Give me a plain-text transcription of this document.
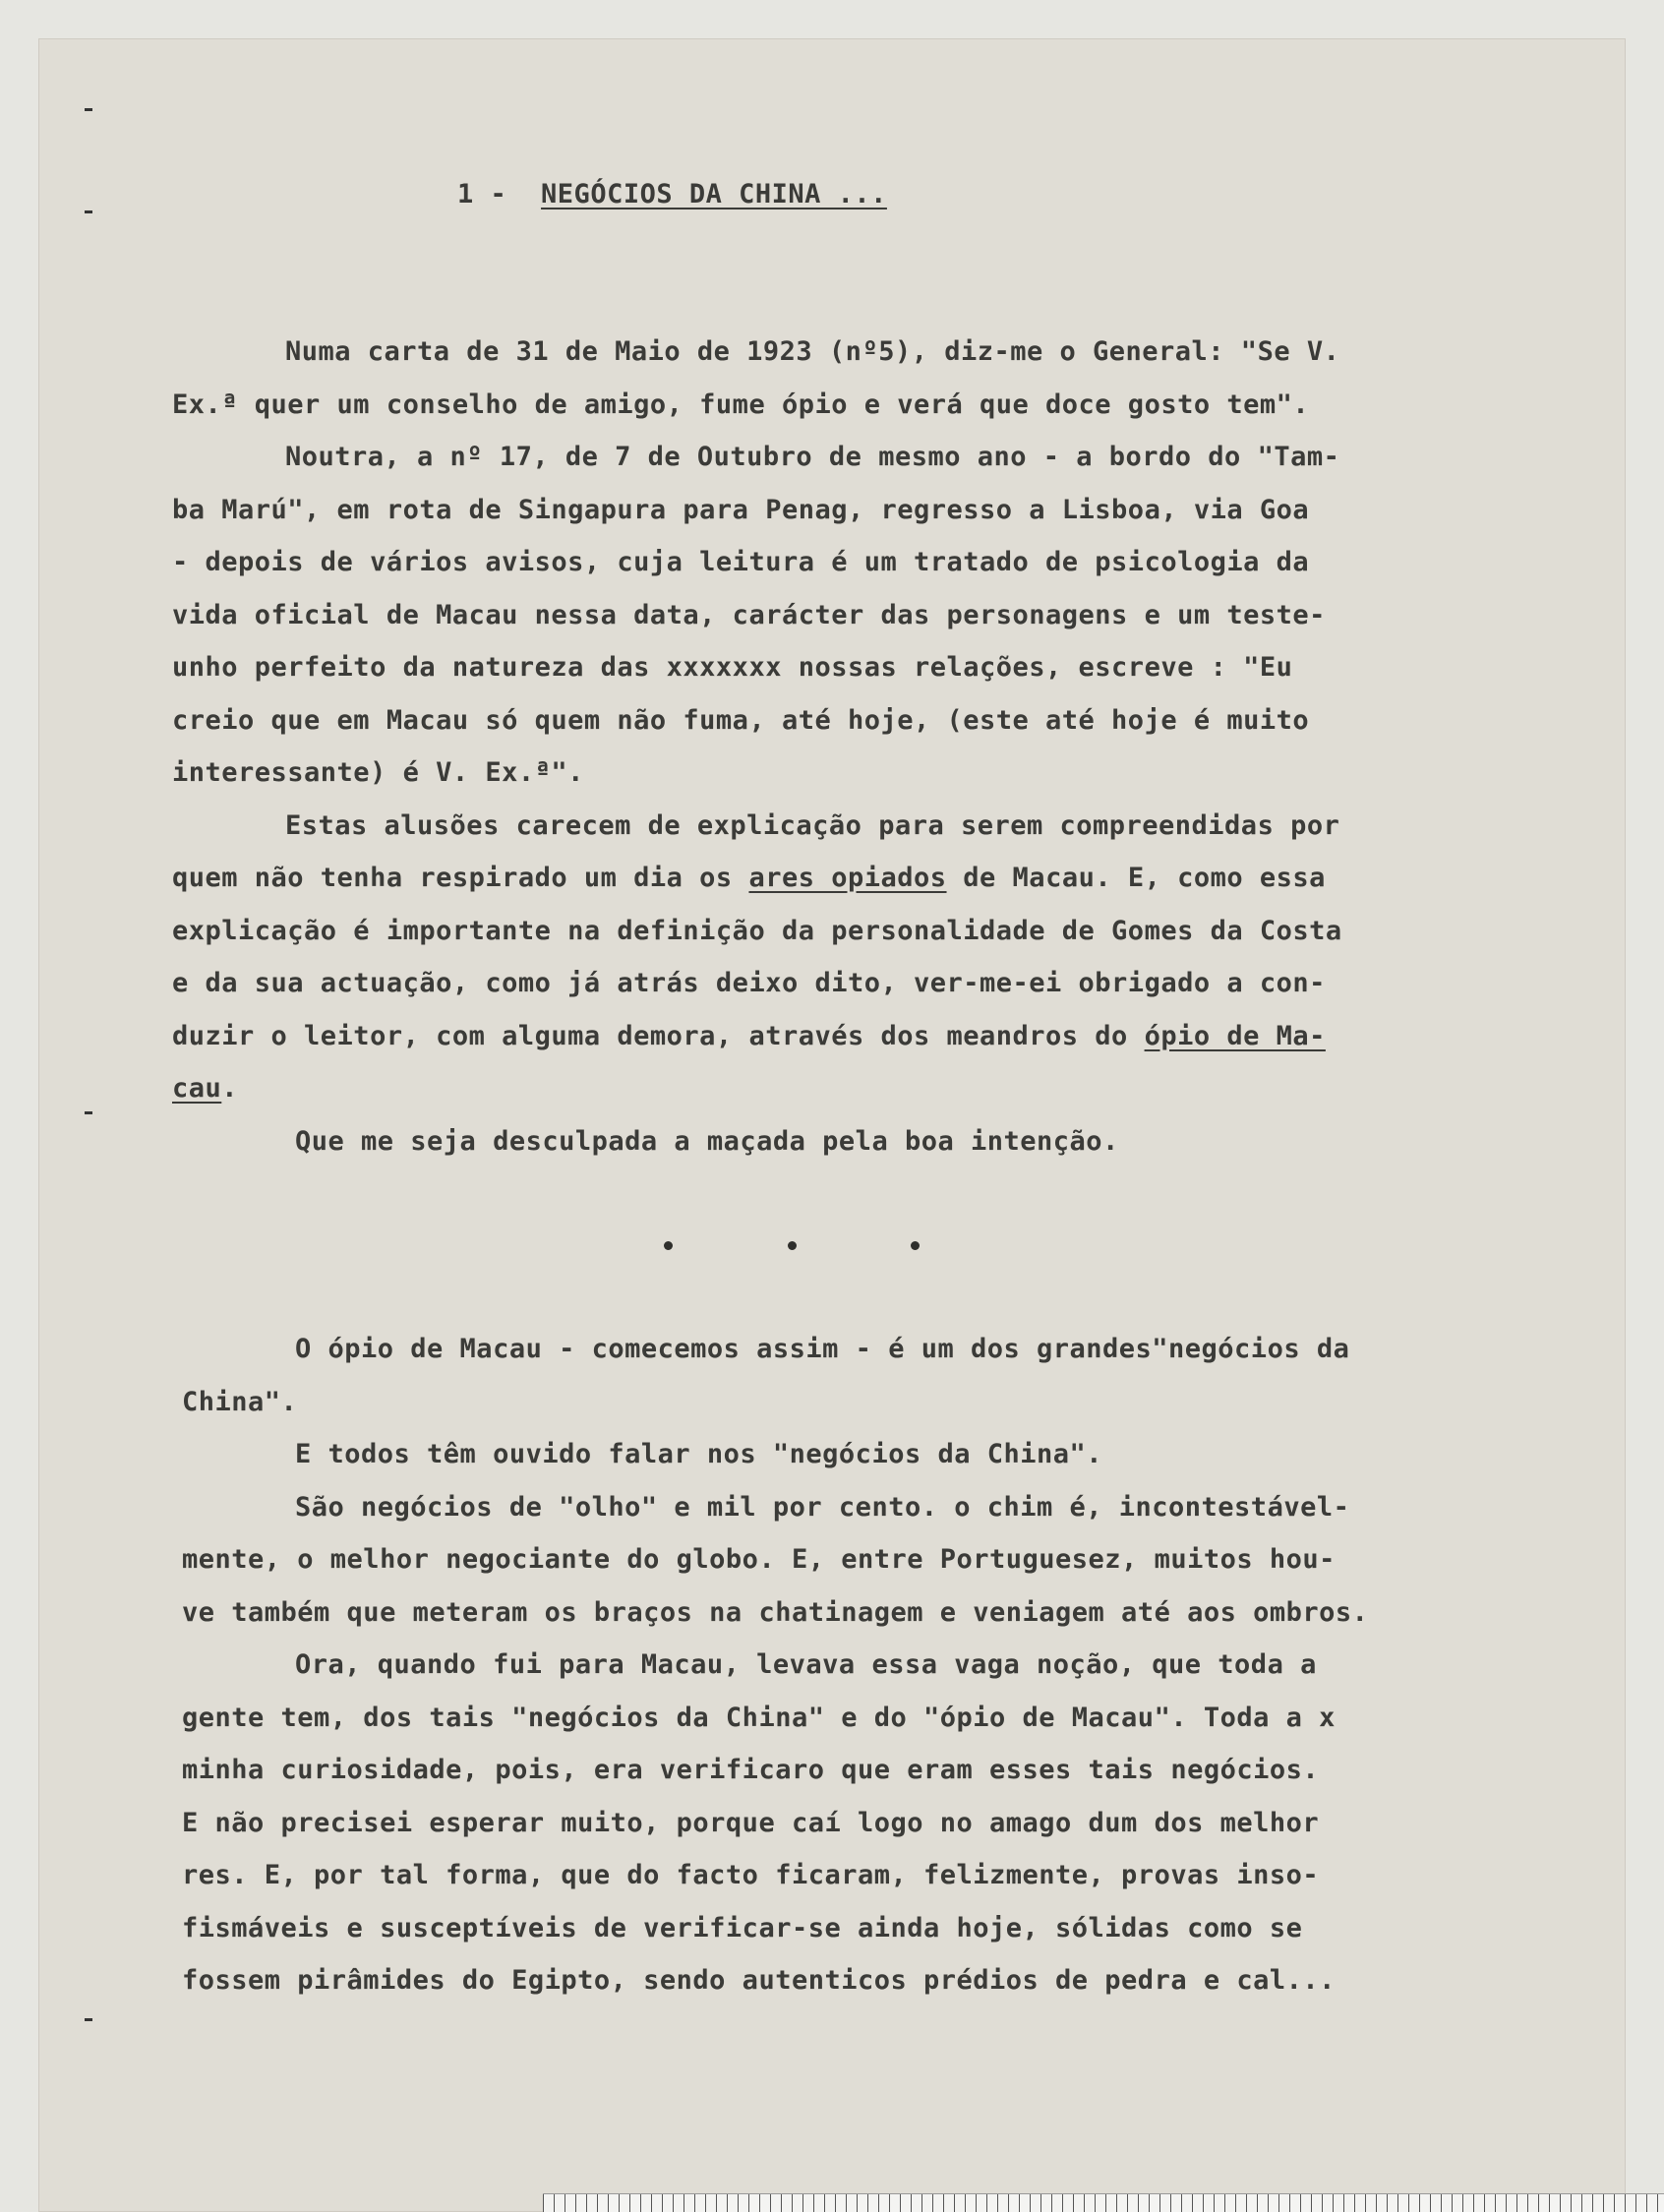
1 - NEGÓCIOS DA CHINA ...

Numa carta de 31 de Maio de 1923 (nº5), diz-me o General: "Se V.

Ex.ª quer um conselho de amigo, fume ópio e verá que doce gosto tem".

Noutra, a nº 17, de 7 de Outubro de mesmo ano - a bordo do "Tam-

ba Marú", em rota de Singapura para Penag, regresso a Lisboa, via Goa

- depois de vários avisos, cuja leitura é um tratado de psicologia da

vida oficial de Macau nessa data, carácter das personagens e um teste-

unho perfeito da natureza das xxxxxxx nossas relações, escreve : "Eu

creio que em Macau só quem não fuma, até hoje, (este até hoje é muito

interessante) é V. Ex.ª".

Estas alusões carecem de explicação para serem compreendidas por

quem não tenha respirado um dia os ares opiados de Macau. E, como essa

explicação é importante na definição da personalidade de Gomes da Costa

e da sua actuação, como já atrás deixo dito, ver-me-ei obrigado a con-

duzir o leitor, com alguma demora, através dos meandros do ópio de Ma-

cau.

Que me seja desculpada a maçada pela boa intenção.

O ópio de Macau - comecemos assim - é um dos grandes"negócios da

China".

E todos têm ouvido falar nos "negócios da China".

São negócios de "olho" e mil por cento. o chim é, incontestável-

mente, o melhor negociante do globo. E, entre Portuguesez, muitos hou-

ve também que meteram os braços na chatinagem e veniagem até aos ombros.

Ora, quando fui para Macau, levava essa vaga noção, que toda a

gente tem, dos tais "negócios da China" e do "ópio de Macau". Toda a x

minha curiosidade, pois, era verificaro que eram esses tais negócios.

E não precisei esperar muito, porque caí logo no amago dum dos melhor

res. E, por tal forma, que do facto ficaram, felizmente, provas inso-

fismáveis e susceptíveis de verificar-se ainda hoje, sólidas como se

fossem pirâmides do Egipto, sendo autenticos prédios de pedra e cal...
